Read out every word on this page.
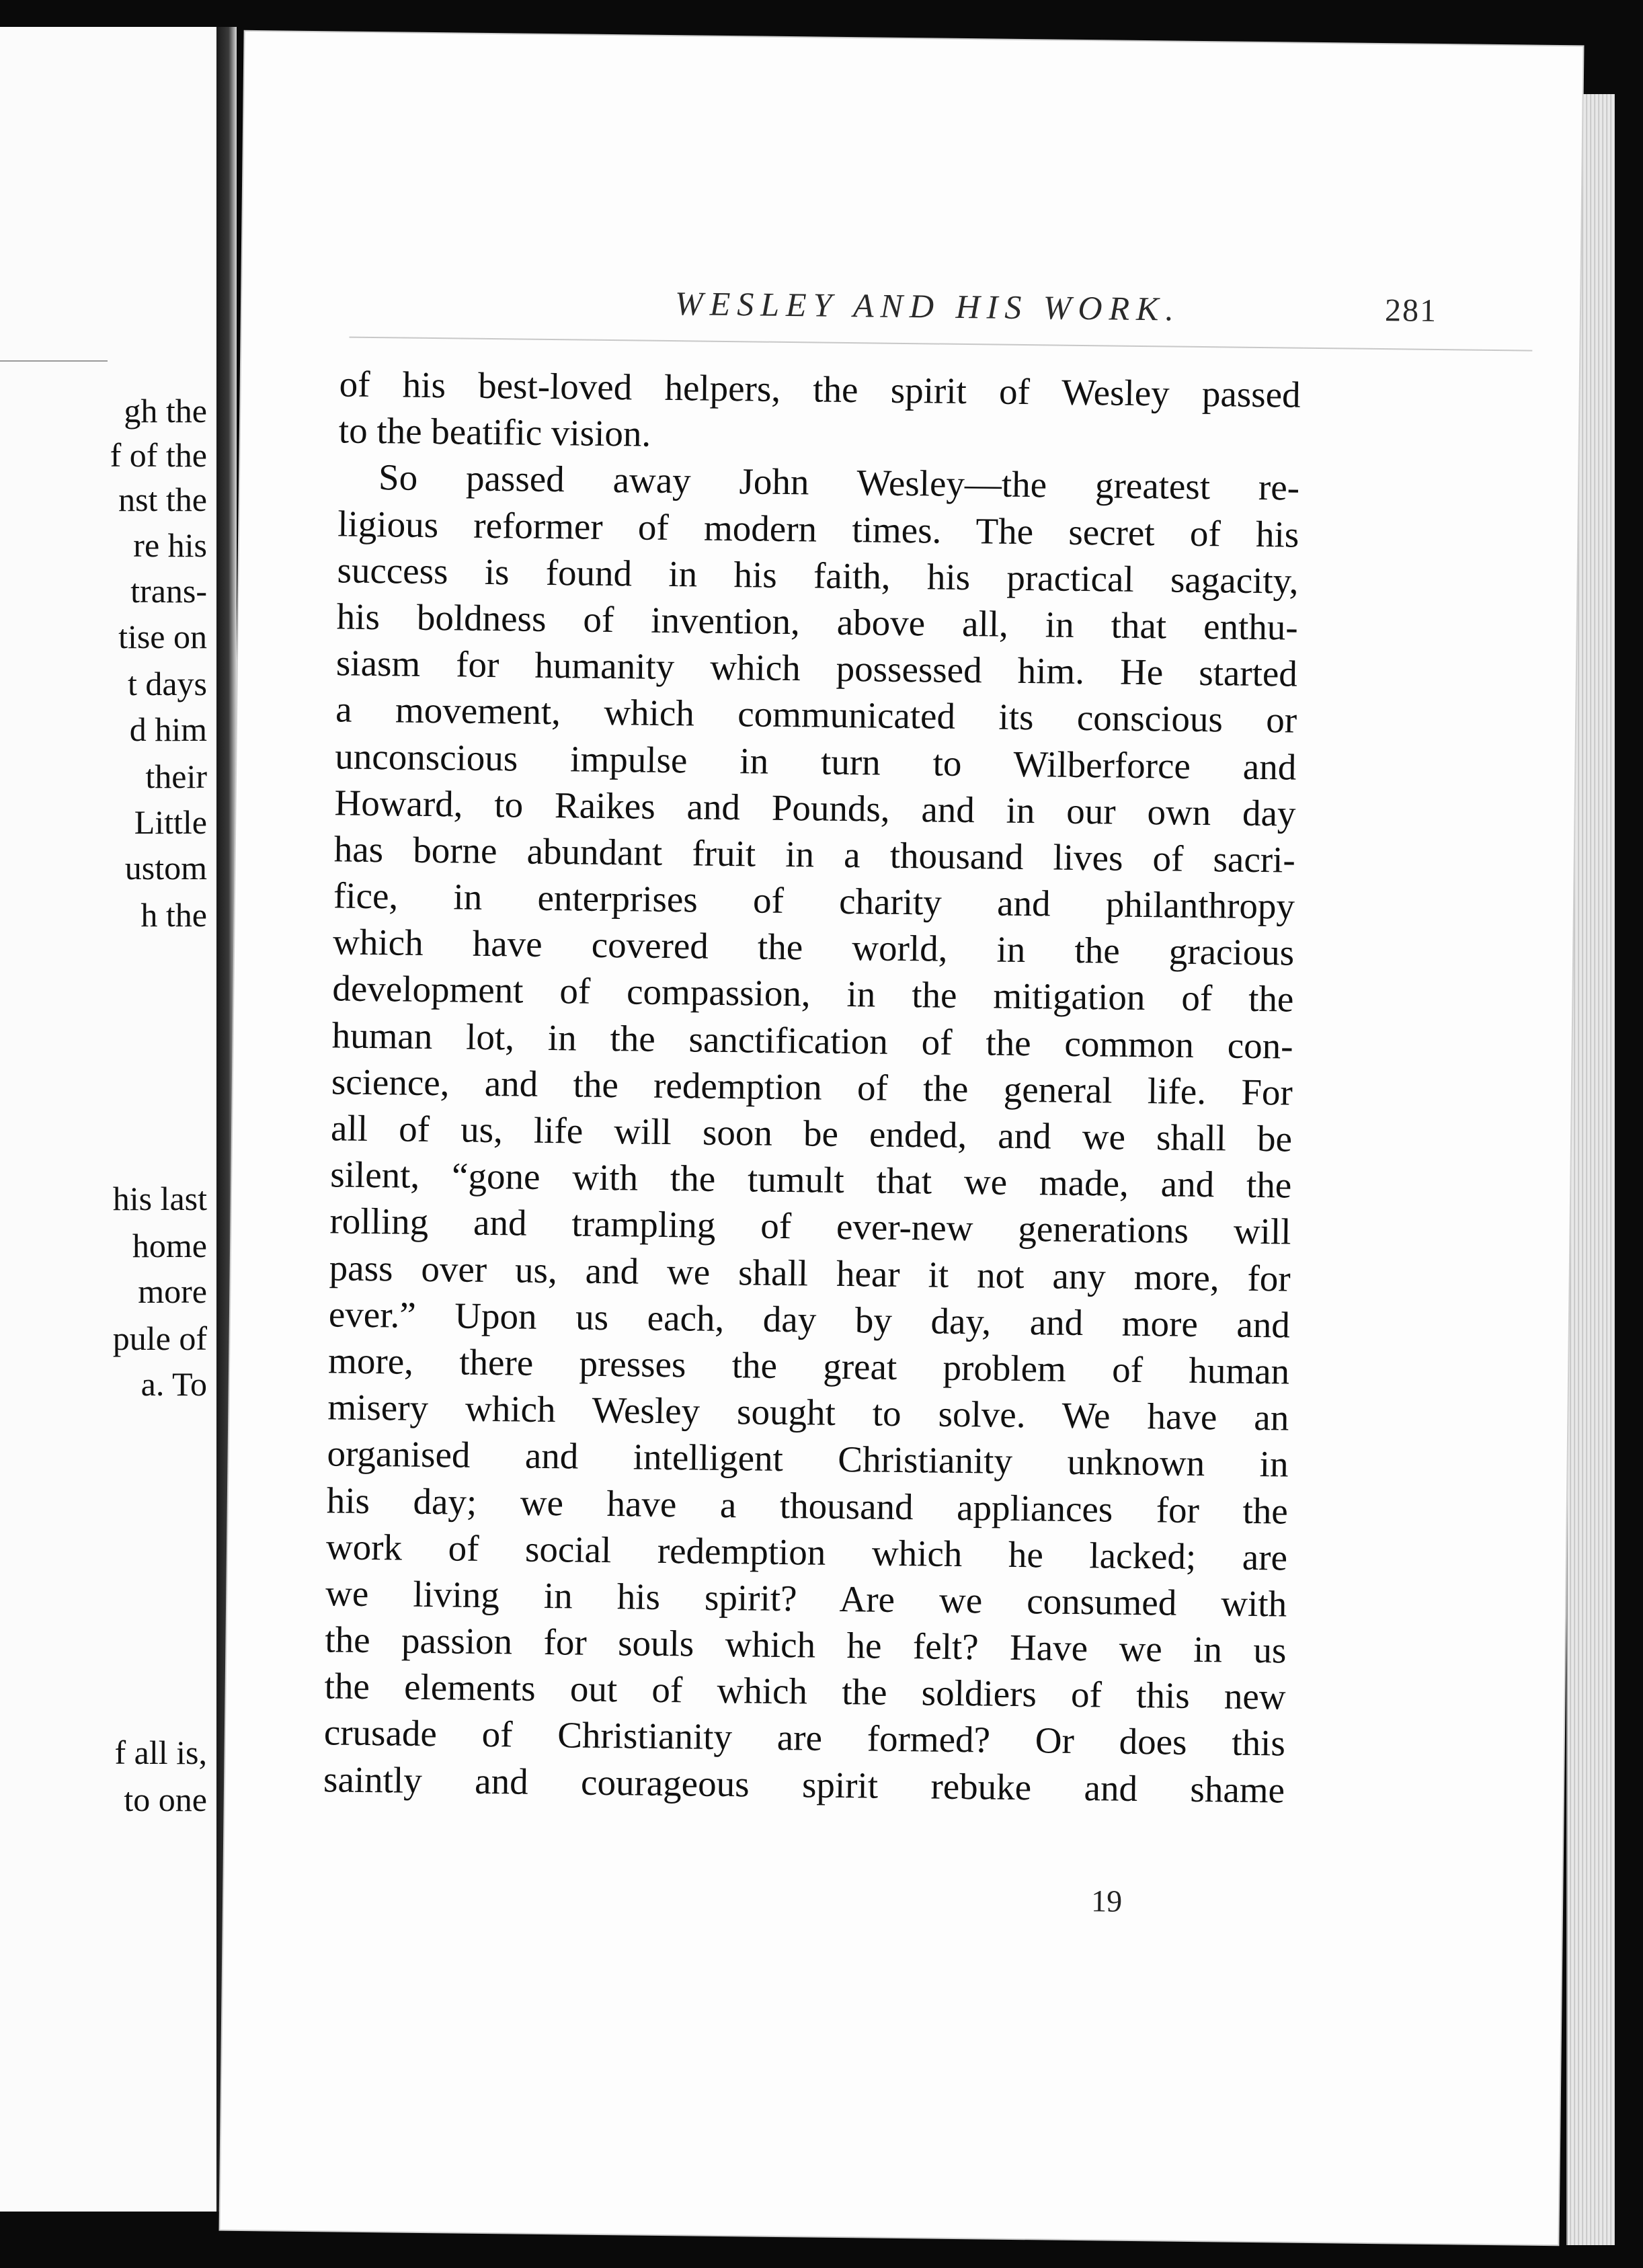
gh the

f of the

nst the

re his

trans-

tise on

t days

d him

their

Little

ustom

h the

his last

home

more

pule of

a. To

f all is,

to one

WESLEY AND HIS WORK.	281

of his best-loved helpers, the spirit of Wesley passed

to the beatific vision.

So passed away John Wesley—the greatest re-

ligious reformer of modern times. The secret of his

success is found in his faith, his practical sagacity,

his boldness of invention, above all, in that enthu-

siasm for humanity which possessed him. He started

a movement, which communicated its conscious or

unconscious impulse in turn to Wilberforce and

Howard, to Raikes and Pounds, and in our own day

has borne abundant fruit in a thousand lives of sacri-

fice, in enterprises of charity and philanthropy

which have covered the world, in the gracious

development of compassion, in the mitigation of the

human lot, in the sanctification of the common con-

science, and the redemption of the general life. For

all of us, life will soon be ended, and we shall be

silent, “gone with the tumult that we made, and the

rolling and trampling of ever-new generations will

pass over us, and we shall hear it not any more, for

ever.” Upon us each, day by day, and more and

more, there presses the great problem of human

misery which Wesley sought to solve. We have an

organised and intelligent Christianity unknown in

his day; we have a thousand appliances for the

work of social redemption which he lacked; are

we living in his spirit? Are we consumed with

the passion for souls which he felt? Have we in us

the elements out of which the soldiers of this new

crusade of Christianity are formed? Or does this

saintly and courageous spirit rebuke and shame

19
